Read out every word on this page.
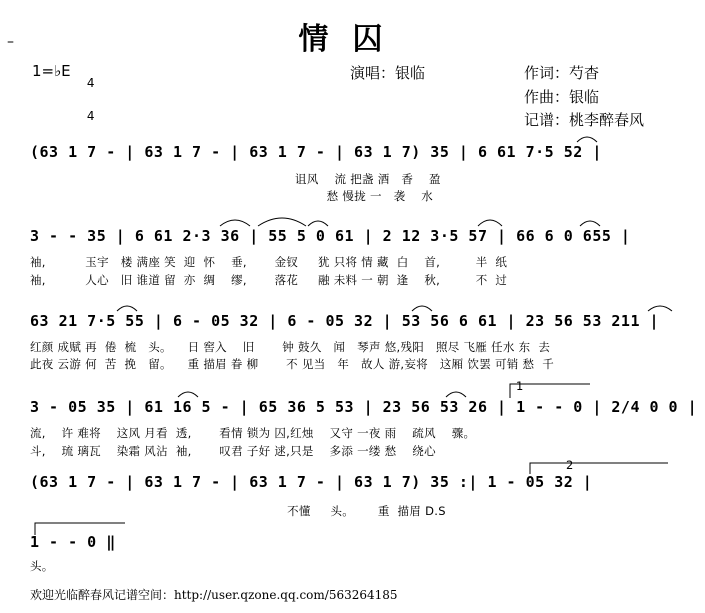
–	情囚
1=♭E

4

4

演唱：银临	作词：芍杳
作曲：银临
记谱：桃李醉春风
(63 1 7 - | 63 1 7 - | 63 1 7 - | 63 1 7) 35 | 6 61 7·5 52 |
诅风    流 把盏 酒   香    盈
愁 慢拢 一   袭    水
3 - - 35 | 6 61 2·3 36 | 55 5 0 61 | 2 12 3·5 57 | 66 6 0 655 |
袖,          玉宇   楼 满座 笑  迎  怀    垂,       金钗     犹 只将 情 藏  白    首,         半  纸
袖,          人心   旧 谁道 留  亦  绸    缪,       落花     融 未料 一 朝  逢    秋,         不  过
63 21 7·5 55 | 6 - 05 32 | 6 - 05 32 | 53 56 6 61 | 23 56 53 211 |
红颜 成赋 再  倦  梳   头。    日 窖入    旧       钟 鼓久   闻   琴声 悠,残阳   照尽 飞雁 任水 东  去
此夜 云游 何  苦  挽   留。    重 描眉 眷 柳       不 见当   年   故人 游,妄将   这厢 饮罢 可销 愁  千
3 - 05 35 | 61 16 5 - | 65 36 5 53 | 23 56 53 26 | 1 - - 0 | 2/4 0 0 |
流,    许 难将    这风 月看  透,       看情 锁为 囚,红烛    又守 一夜 雨    疏风    骤。
斗,    琉 璃瓦    染霜 风沾  袖,       叹君 子好 逑,只是    多添 一缕 愁    绕心
(63 1 7 - | 63 1 7 - | 63 1 7 - | 63 1 7) 35 :| 1 - 05 32 |
不懂     头。      重  描眉 D.S
1 - - 0 ‖
头。
1
2
欢迎光临醉春风记谱空间：http://user.qzone.qq.com/563264185
